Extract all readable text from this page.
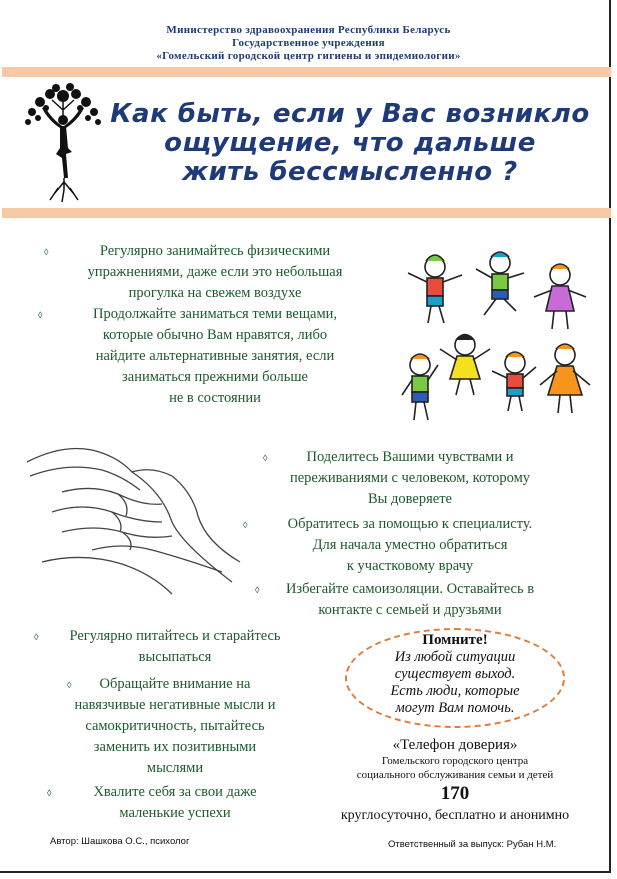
Министерство здравоохранения Республики Беларусь
Государственное учреждения
«Гомельский городской центр гигиены и эпидемиологии»
Как быть, если у Вас возникло
ощущение, что дальше
жить бессмысленно ?
◊	Регулярно занимайтесь физическими
упражнениями, даже если это небольшая
прогулка на свежем воздухе
◊	Продолжайте заниматься теми вещами,
которые обычно Вам нравятся, либо
найдите альтернативные занятия, если
заниматься прежними больше
не в состоянии
◊	Поделитесь Вашими чувствами и
переживаниями с человеком, которому
Вы доверяете
◊	Обратитесь за помощью к специалисту.
Для начала уместно обратиться
к участковому врачу
◊	Избегайте самоизоляции. Оставайтесь в
контакте с семьей и друзьями
◊	Регулярно питайтесь и старайтесь
высыпаться
◊	Обращайте внимание на
навязчивые негативные мысли и
самокритичность, пытайтесь
заменить их позитивными
мыслями
◊	Хвалите себя за свои даже
маленькие успехи
Помните!
Из любой ситуации
существует выход.
Есть люди, которые
могут Вам помочь.
«Телефон доверия»
Гомельского городского центра
социального обслуживания семьи и детей
170
круглосуточно, бесплатно и анонимно
Автор: Шашкова О.С., психолог	Ответственный за выпуск: Рубан Н.М.
